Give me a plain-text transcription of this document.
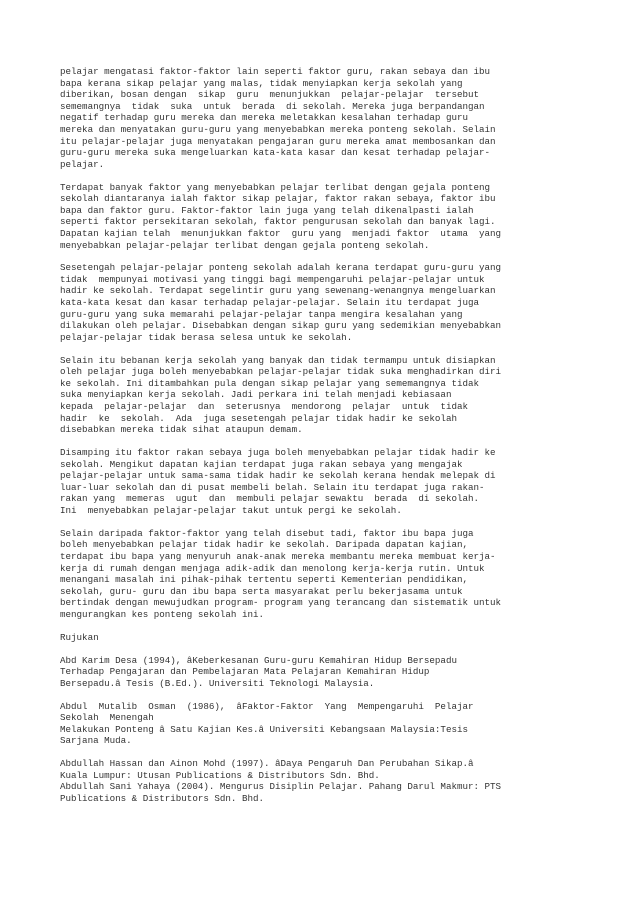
pelajar mengatasi faktor-faktor lain seperti faktor guru, rakan sebaya dan ibu
bapa kerana sikap pelajar yang malas, tidak menyiapkan kerja sekolah yang
diberikan, bosan dengan  sikap  guru  menunjukkan  pelajar-pelajar  tersebut
sememangnya  tidak  suka  untuk  berada  di sekolah. Mereka juga berpandangan
negatif terhadap guru mereka dan mereka meletakkan kesalahan terhadap guru
mereka dan menyatakan guru-guru yang menyebabkan mereka ponteng sekolah. Selain
itu pelajar-pelajar juga menyatakan pengajaran guru mereka amat membosankan dan
guru-guru mereka suka mengeluarkan kata-kata kasar dan kesat terhadap pelajar-
pelajar.
Terdapat banyak faktor yang menyebabkan pelajar terlibat dengan gejala ponteng
sekolah diantaranya ialah faktor sikap pelajar, faktor rakan sebaya, faktor ibu
bapa dan faktor guru. Faktor-faktor lain juga yang telah dikenalpasti ialah
seperti faktor persekitaran sekolah, faktor pengurusan sekolah dan banyak lagi.
Dapatan kajian telah  menunjukkan faktor  guru yang  menjadi faktor  utama  yang
menyebabkan pelajar-pelajar terlibat dengan gejala ponteng sekolah.
Sesetengah pelajar-pelajar ponteng sekolah adalah kerana terdapat guru-guru yang
tidak  mempunyai motivasi yang tinggi bagi mempengaruhi pelajar-pelajar untuk
hadir ke sekolah. Terdapat segelintir guru yang sewenang-wenangnya mengeluarkan
kata-kata kesat dan kasar terhadap pelajar-pelajar. Selain itu terdapat juga
guru-guru yang suka memarahi pelajar-pelajar tanpa mengira kesalahan yang
dilakukan oleh pelajar. Disebabkan dengan sikap guru yang sedemikian menyebabkan
pelajar-pelajar tidak berasa selesa untuk ke sekolah.
Selain itu bebanan kerja sekolah yang banyak dan tidak termampu untuk disiapkan
oleh pelajar juga boleh menyebabkan pelajar-pelajar tidak suka menghadirkan diri
ke sekolah. Ini ditambahkan pula dengan sikap pelajar yang sememangnya tidak
suka menyiapkan kerja sekolah. Jadi perkara ini telah menjadi kebiasaan
kepada  pelajar-pelajar  dan  seterusnya  mendorong  pelajar  untuk  tidak
hadir  ke  sekolah.  Ada  juga sesetengah pelajar tidak hadir ke sekolah
disebabkan mereka tidak sihat ataupun demam.
Disamping itu faktor rakan sebaya juga boleh menyebabkan pelajar tidak hadir ke
sekolah. Mengikut dapatan kajian terdapat juga rakan sebaya yang mengajak
pelajar-pelajar untuk sama-sama tidak hadir ke sekolah kerana hendak melepak di
luar-luar sekolah dan di pusat membeli belah. Selain itu terdapat juga rakan-
rakan yang  memeras  ugut  dan  membuli pelajar sewaktu  berada  di sekolah.
Ini  menyebabkan pelajar-pelajar takut untuk pergi ke sekolah.
Selain daripada faktor-faktor yang telah disebut tadi, faktor ibu bapa juga
boleh menyebabkan pelajar tidak hadir ke sekolah. Daripada dapatan kajian,
terdapat ibu bapa yang menyuruh anak-anak mereka membantu mereka membuat kerja-
kerja di rumah dengan menjaga adik-adik dan menolong kerja-kerja rutin. Untuk
menangani masalah ini pihak-pihak tertentu seperti Kementerian pendidikan,
sekolah, guru- guru dan ibu bapa serta masyarakat perlu bekerjasama untuk
bertindak dengan mewujudkan program- program yang terancang dan sistematik untuk
mengurangkan kes ponteng sekolah ini.
Rujukan
Abd Karim Desa (1994), âKeberkesanan Guru-guru Kemahiran Hidup Bersepadu
Terhadap Pengajaran dan Pembelajaran Mata Pelajaran Kemahiran Hidup
Bersepadu.â Tesis (B.Ed.). Universiti Teknologi Malaysia.
Abdul  Mutalib  Osman  (1986),  âFaktor-Faktor  Yang  Mempengaruhi  Pelajar
Sekolah  Menengah
Melakukan Ponteng â Satu Kajian Kes.â Universiti Kebangsaan Malaysia:Tesis
Sarjana Muda.
Abdullah Hassan dan Ainon Mohd (1997). âDaya Pengaruh Dan Perubahan Sikap.â
Kuala Lumpur: Utusan Publications & Distributors Sdn. Bhd.
Abdullah Sani Yahaya (2004). Mengurus Disiplin Pelajar. Pahang Darul Makmur: PTS
Publications & Distributors Sdn. Bhd.
